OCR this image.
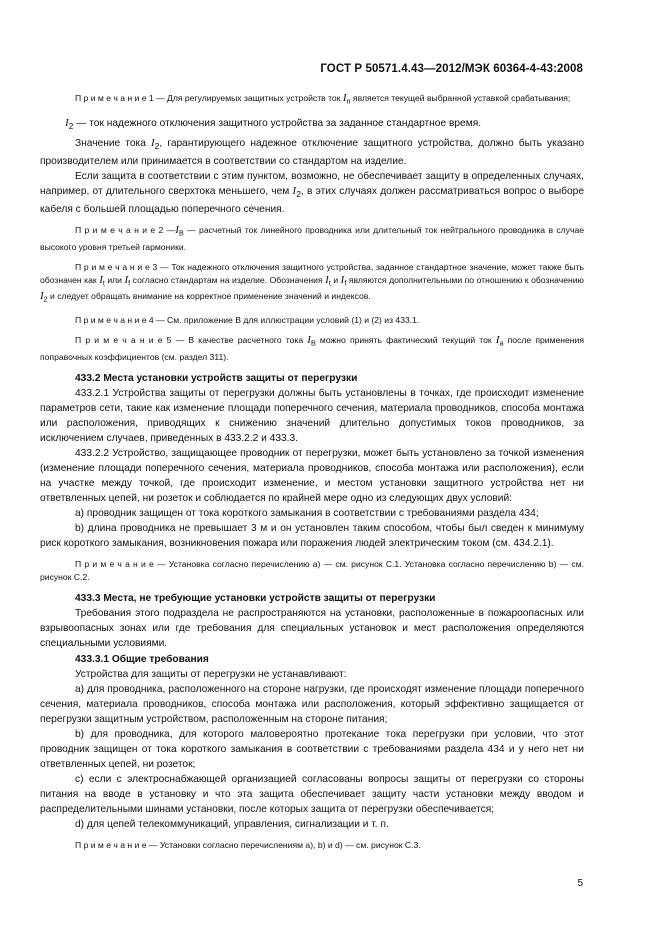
ГОСТ Р 50571.4.43—2012/МЭК 60364-4-43:2008

П р и м е ч а н и е 1 — Для регулируемых защитных устройств ток $I_n$ является текущей выбранной уставкой срабатывания;

$I_2$ — ток надежного отключения защитного устройства за заданное стандартное время.

Значение тока $I_2$, гарантирующего надежное отключение защитного устройства, должно быть указано производителем или принимается в соответствии со стандартом на изделие.

Если защита в соответствии с этим пунктом, возможно, не обеспечивает защиту в определенных случаях, например, от длительного сверхтока меньшего, чем $I_2$, в этих случаях должен рассматриваться вопрос о выборе кабеля с большей площадью поперечного сечения.

П р и м е ч а н и е 2 $—I_B$ — расчетный ток линейного проводника или длительный ток нейтрального проводника в случае высокого уровня третьей гармоники.

П р и м е ч а н и е 3 — Ток надежного отключения защитного устройства, заданное стандартное значение, может также быть обозначен как $I_t$ или $I_f$ согласно стандартам на изделие. Обозначения $I_t$ и $I_f$ являются дополнительными по отношению к обозначению $I_2$ и следует обращать внимание на корректное применение значений и индексов.

П р и м е ч а н и е 4 — См. приложение В для иллюстрации условий (1) и (2) из 433.1.

П р и м е ч а н и е 5 — В качестве расчетного тока $I_B$ можно принять фактический текущий ток $I_a$ после применения поправочных коэффициентов (см. раздел 311).

433.2 Места установки устройств защиты от перегрузки

433.2.1 Устройства защиты от перегрузки должны быть установлены в точках, где происходит изменение параметров сети, такие как изменение площади поперечного сечения, материала проводников, способа монтажа или расположения, приводящих к снижению значений длительно допустимых токов проводников, за исключением случаев, приведенных в 433.2.2 и 433.3.

433.2.2 Устройство, защищающее проводник от перегрузки, может быть установлено за точкой изменения (изменение площади поперечного сечения, материала проводников, способа монтажа или расположения), если на участке между точкой, где происходит изменение, и местом установки защитного устройства нет ни ответвленных цепей, ни розеток и соблюдается по крайней мере одно из следующих двух условий:

a) проводник защищен от тока короткого замыкания в соответствии с требованиями раздела 434;

b) длина проводника не превышает 3 м и он установлен таким способом, чтобы был сведен к минимуму риск короткого замыкания, возникновения пожара или поражения людей электрическим током (см. 434.2.1).

П р и м е ч а н и е — Установка согласно перечислению а) — см. рисунок С.1. Установка согласно перечислению b) — см. рисунок С.2.

433.3 Места, не требующие установки устройств защиты от перегрузки

Требования этого подраздела не распространяются на установки, расположенные в пожароопасных или взрывоопасных зонах или где требования для специальных установок и мест расположения определяются специальными условиями.

433.3.1 Общие требования

Устройства для защиты от перегрузки не устанавливают:

a) для проводника, расположенного на стороне нагрузки, где происходят изменение площади поперечного сечения, материала проводников, способа монтажа или расположения, который эффективно защищается от перегрузки защитным устройством, расположенным на стороне питания;

b) для проводника, для которого маловероятно протекание тока перегрузки при условии, что этот проводник защищен от тока короткого замыкания в соответствии с требованиями раздела 434 и у него нет ни ответвленных цепей, ни розеток;

c) если с электроснабжающей организацией согласованы вопросы защиты от перегрузки со стороны питания на вводе в установку и что эта защита обеспечивает защиту части установки между вводом и распределительными шинами установки, после которых защита от перегрузки обеспечивается;

d) для цепей телекоммуникаций, управления, сигнализации и т. п.

П р и м е ч а н и е — Установки согласно перечислениям а), b) и d) — см. рисунок С.3.

5
